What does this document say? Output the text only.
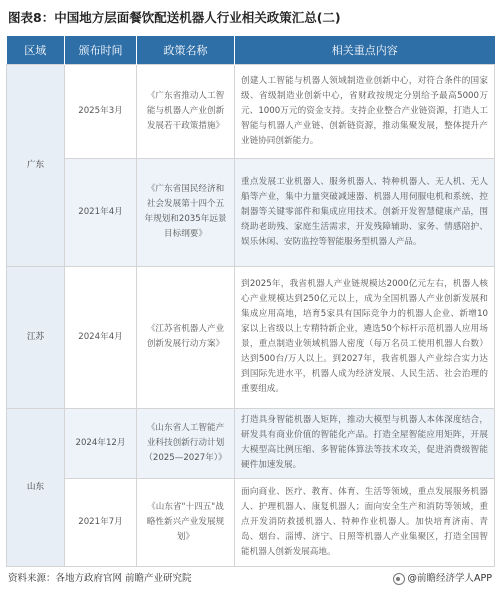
图表8：中国地方层面餐饮配送机器人行业相关政策汇总(二)
区域	颁布时间	政策名称	相关重点内容
广东	2025年3月	《广东省推动人工智能与机器人产业创新发展若干政策措施》	创建人工智能与机器人领域制造业创新中心，对符合条件的国家级、省级制造业创新中心，省财政按规定分别给予最高5000万元、1000万元的资金支持。支持企业整合产业链资源，打造人工智能与机器人产业链、创新链资源，推动集聚发展，整体提升产业链协同创新能力。
	2021年4月	《广东省国民经济和社会发展第十四个五年规划和2035年远景目标纲要》	重点发展工业机器人、服务机器人、特种机器人、无人机、无人船等产业，集中力量突破减速器、机器人用伺服电机和系统、控制器等关键零部件和集成应用技术。创新开发智慧健康产品，围绕助老助残、家庭生活需求，开发残障辅助、家务、情感陪护、娱乐休闲、安防监控等智能服务型机器人产品。
江苏	2024年4月	《江苏省机器人产业创新发展行动方案》	到2025年，我省机器人产业链规模达2000亿元左右，机器人核心产业规模达到250亿元以上，成为全国机器人产业创新发展和集成应用高地，培育5家具有国际竞争力的机器人企业、新增10家以上省级以上专精特新企业，遴选50个标杆示范机器人应用场景，重点制造业领域机器人密度（每万名员工使用机器人台数）达到500台/万人以上。到2027年，我省机器人产业综合实力达到国际先进水平，机器人成为经济发展、人民生活、社会治理的重要组成。
山东	2024年12月	《山东省人工智能产业科技创新行动计划（2025—2027年）》	打造具身智能机器人矩阵，推动大模型与机器人本体深度结合，研发具有商业价值的智能化产品。打造全屋智能应用矩阵，开展大模型高比例压缩、多智能体算法等技术攻关，促进消费级智能硬件加速发展。
	2021年7月	《山东省"十四五"战略性新兴产业发展规划》	面向商业、医疗、教育、体育、生活等领域，重点发展服务机器人、护理机器人、康复机器人；面向安全生产和消防等领域，重点开发消防救援机器人、特种作业机器人。加快培育济南、青岛、烟台、淄博、济宁、日照等机器人产业集聚区，打造全国智能机器人创新发展高地。
资料来源：各地方政府官网 前瞻产业研究院	@前瞻经济学人APP
